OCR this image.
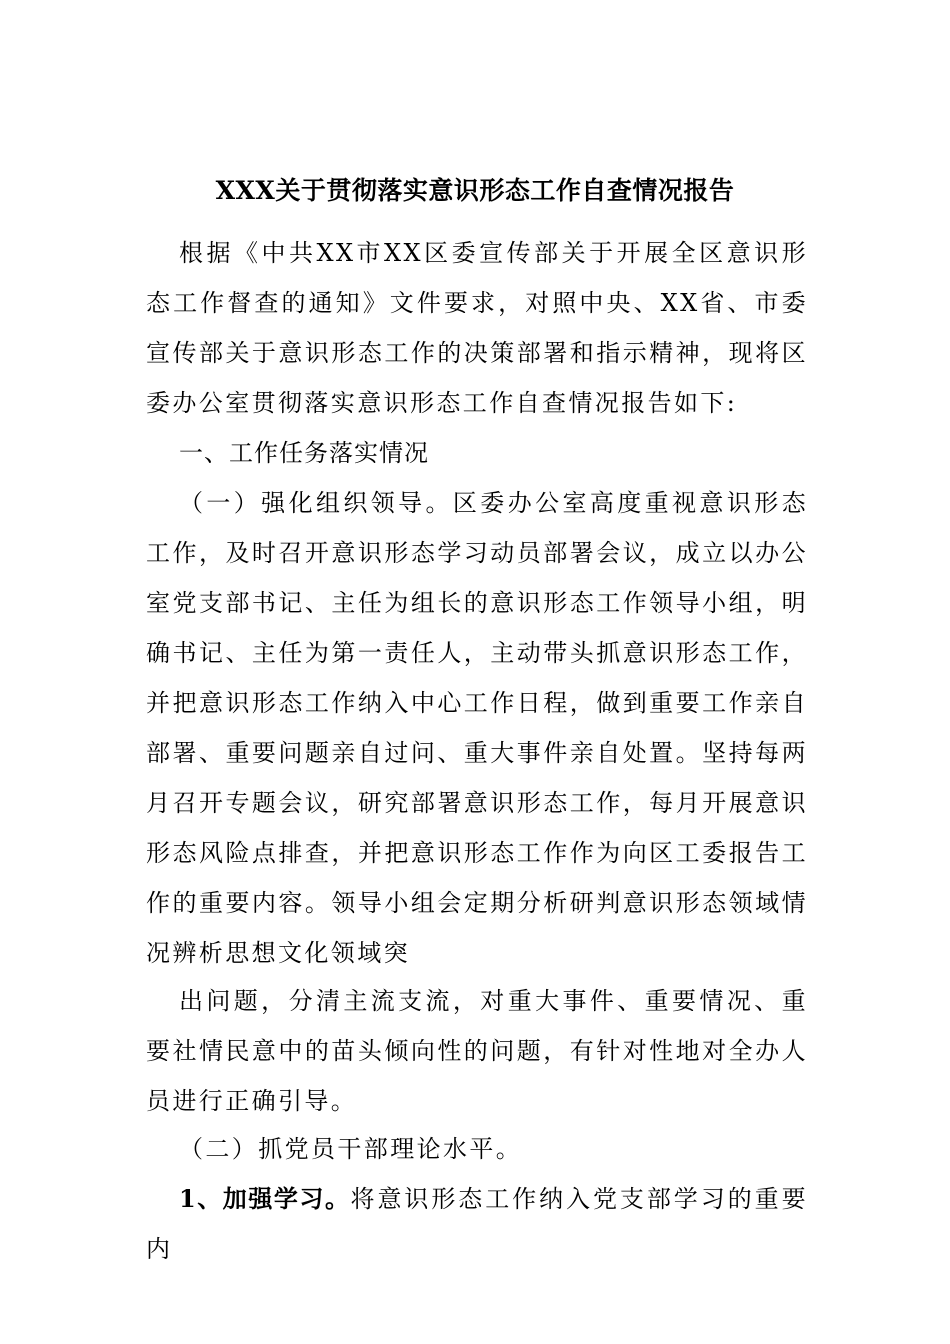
XXX关于贯彻落实意识形态工作自查情况报告

根据《中共XX市XX区委宣传部关于开展全区意识形态工作督查的通知》文件要求，对照中央、XX省、市委宣传部关于意识形态工作的决策部署和指示精神，现将区委办公室贯彻落实意识形态工作自查情况报告如下:

一、工作任务落实情况

（一）强化组织领导。区委办公室高度重视意识形态工作，及时召开意识形态学习动员部署会议，成立以办公室党支部书记、主任为组长的意识形态工作领导小组，明确书记、主任为第一责任人，主动带头抓意识形态工作，并把意识形态工作纳入中心工作日程，做到重要工作亲自部署、重要问题亲自过问、重大事件亲自处置。坚持每两月召开专题会议，研究部署意识形态工作，每月开展意识形态风险点排查，并把意识形态工作作为向区工委报告工作的重要内容。领导小组会定期分析研判意识形态领域情况辨析思想文化领域突

出问题，分清主流支流，对重大事件、重要情况、重要社情民意中的苗头倾向性的问题，有针对性地对全办人员进行正确引导。

（二）抓党员干部理论水平。

1、加强学习。将意识形态工作纳入党支部学习的重要内
